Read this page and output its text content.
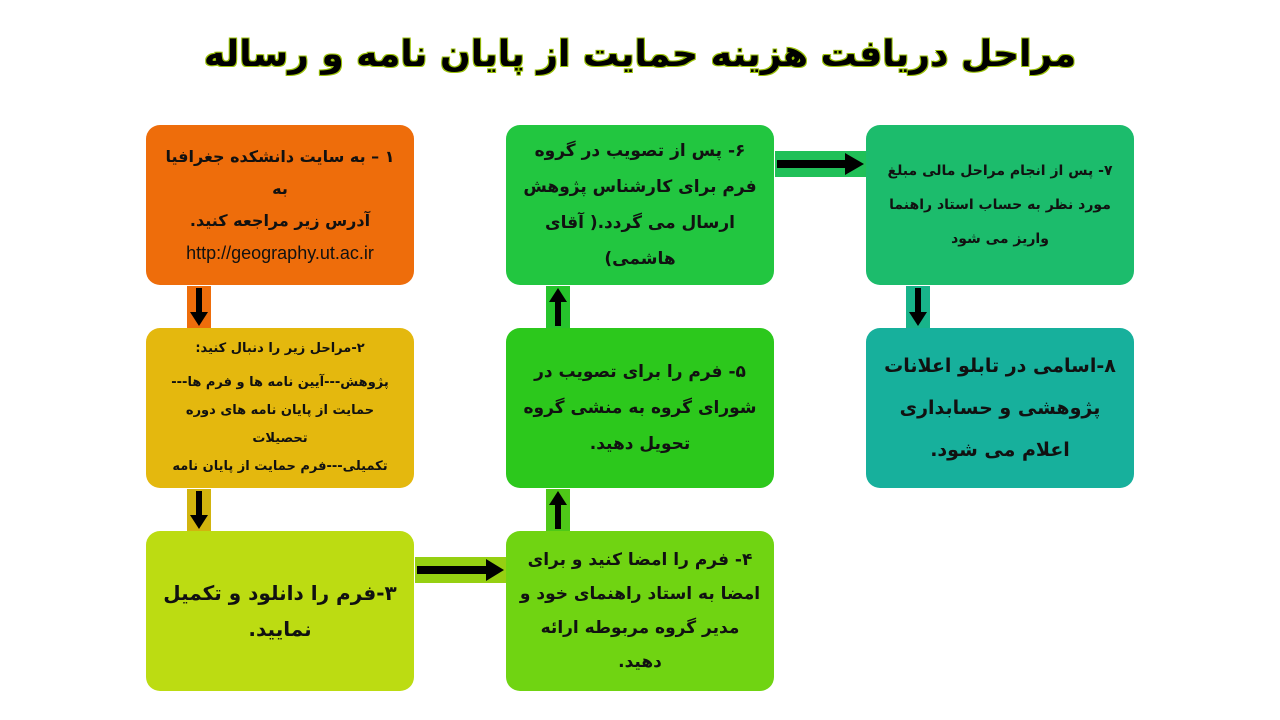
مراحل دریافت هزینه حمایت از پایان نامه و رساله

۱ – به سایت دانشکده جغرافیا به

آدرس زیر مراجعه کنید.

http://geography.ut.ac.ir

۲-مراحل زیر را دنبال کنید:

پژوهش---آیین نامه ها و فرم ها---

حمایت از پایان نامه های دوره تحصیلات

تکمیلی---فرم حمایت از پایان نامه

۳-فرم را دانلود و تکمیل

نمایید.

۴- فرم را امضا کنید و برای

امضا به استاد راهنمای خود و

مدیر گروه مربوطه ارائه دهید.

۵- فرم را برای تصویب در

شورای گروه به منشی گروه

تحویل دهید.

۶- پس از تصویب در گروه

فرم برای کارشناس پژوهش

ارسال می گردد.( آقای هاشمی)

۷- پس از انجام مراحل مالی مبلغ

مورد نظر به حساب استاد راهنما

واریز می شود

۸-اسامی در تابلو اعلانات

پژوهشی و حسابداری

اعلام می شود.
